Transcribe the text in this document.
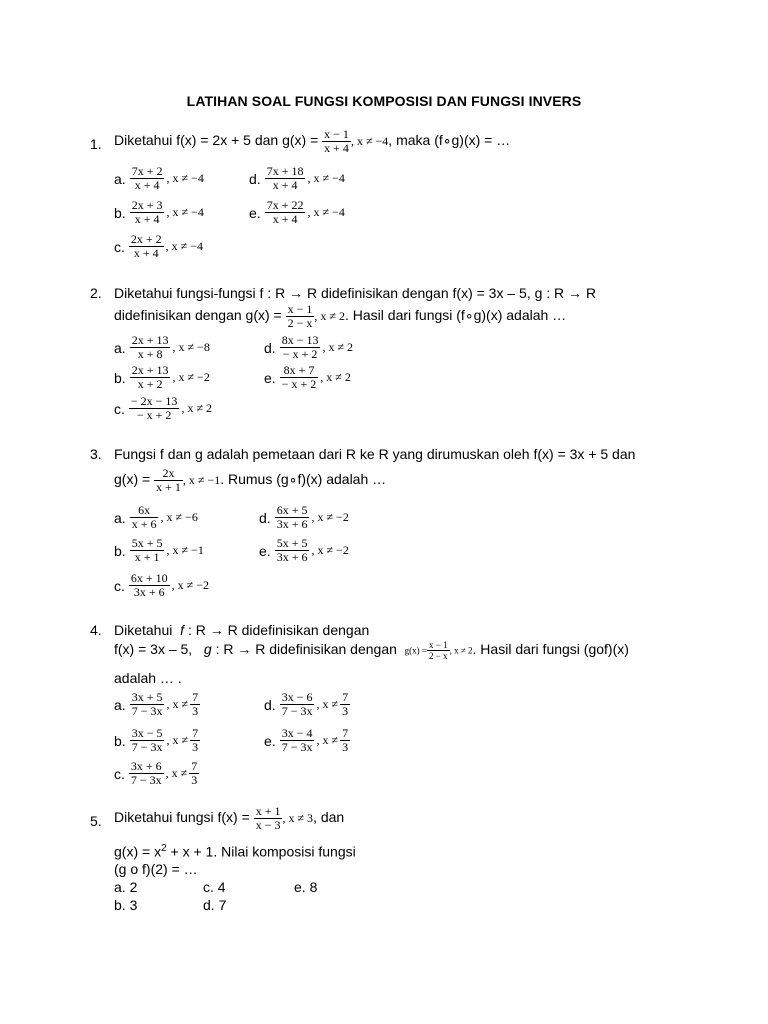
LATIHAN SOAL FUNGSI KOMPOSISI DAN FUNGSI INVERS
1. Diketahui f(x) = 2x + 5 dan $g(x) = \frac{x - 1}{x + 4}$ , x ≠ −4, maka (f∘g)(x) = …
a. $\frac{7x + 2}{x + 4}$ , x ≠ −4
b. $\frac{2x + 3}{x + 4}$ , x ≠ −4
c. $\frac{2x + 2}{x + 4}$ , x ≠ −4
d. $\frac{7x + 18}{x + 4}$ , x ≠ −4
e. $\frac{7x + 22}{x + 4}$ , x ≠ −4
2. Diketahui fungsi-fungsi f : R → R didefinisikan dengan f(x) = 3x – 5, g : R → R
didefinisikan dengan $g(x) = \frac{x - 1}{2 - x}$ , x ≠ 2. Hasil dari fungsi (f∘g)(x) adalah …
a. $\frac{2x + 13}{x + 8}$ , x ≠ −8
b. $\frac{2x + 13}{x + 2}$ , x ≠ −2
c. $\frac{- 2x - 13}{- x + 2}$ , x ≠ 2
d. $\frac{8x - 13}{- x + 2}$ , x ≠ 2
e. $\frac{8x + 7}{- x + 2}$ , x ≠ 2
3. Fungsi f dan g adalah pemetaan dari R ke R yang dirumuskan oleh f(x) = 3x + 5 dan
$g(x) = \frac{2x}{x + 1}$ , x ≠ −1. Rumus (g∘f)(x) adalah …
a. $\frac{6x}{x + 6}$ , x ≠ −6
b. $\frac{5x + 5}{x + 1}$ , x ≠ −1
c. $\frac{6x + 10}{3x + 6}$ , x ≠ −2
d. $\frac{6x + 5}{3x + 6}$ , x ≠ −2
e. $\frac{5x + 5}{3x + 6}$ , x ≠ −2
4. Diketahui f : R → R didefinisikan dengan
f(x) = 3x – 5, g : R → R didefinisikan dengan $g(x) = \frac{x - 1}{2 - x}$ , x ≠ 2. Hasil dari fungsi (gof)(x)
adalah … .
a. $\frac{3x + 5}{7 - 3x}$ , $x \ne \frac{7}{3}$
b. $\frac{3x - 5}{7 - 3x}$ , $x \ne \frac{7}{3}$
c. $\frac{3x + 6}{7 - 3x}$ , $x \ne \frac{7}{3}$
d. $\frac{3x - 6}{7 - 3x}$ , $x \ne \frac{7}{3}$
e. $\frac{3x - 4}{7 - 3x}$ , $x \ne \frac{7}{3}$
5. Diketahui fungsi $f(x) = \frac{x + 1}{x - 3}$ , x ≠ 3, dan
$g(x) = x^2 + x + 1$. Nilai komposisi fungsi
(g o f)(2) = …
a. 2
b. 3
c. 4
d. 7
e. 8
